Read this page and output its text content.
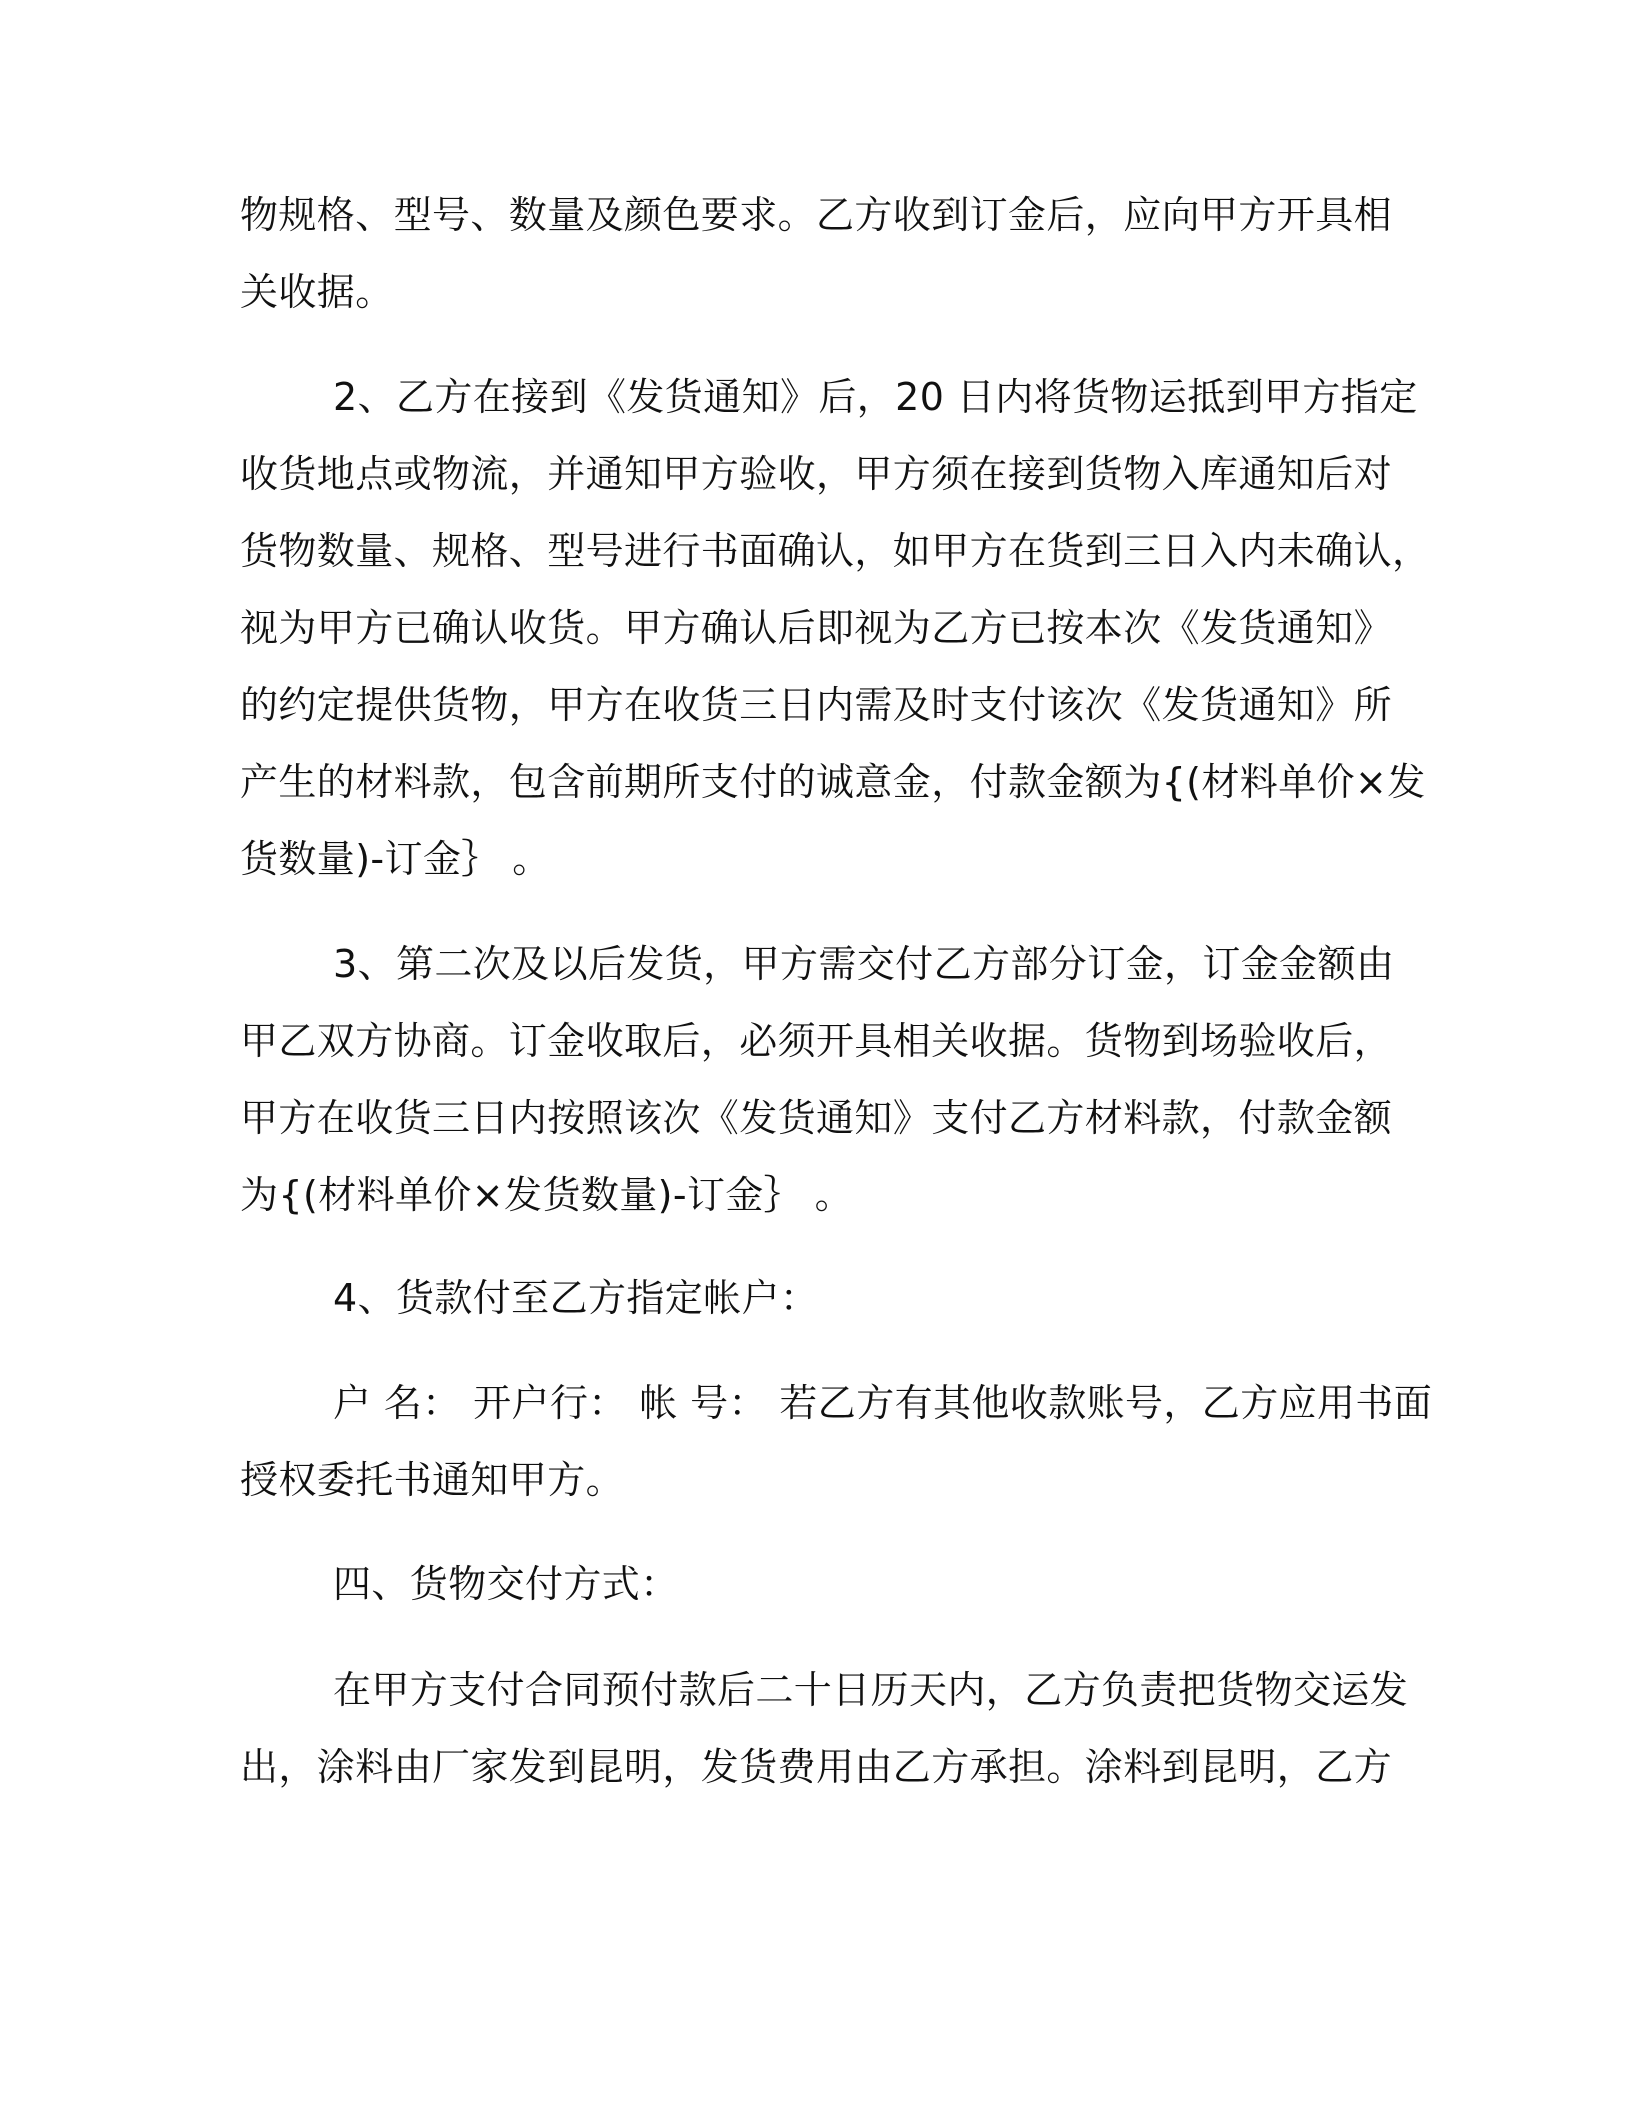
物规格、型号、数量及颜色要求。乙方收到订金后，应向甲方开具相
关收据。
2、乙方在接到《发货通知》后，20 日内将货物运抵到甲方指定
收货地点或物流，并通知甲方验收，甲方须在接到货物入库通知后对
货物数量、规格、型号进行书面确认，如甲方在货到三日入内未确认，
视为甲方已确认收货。甲方确认后即视为乙方已按本次《发货通知》
的约定提供货物，甲方在收货三日内需及时支付该次《发货通知》所
产生的材料款，包含前期所支付的诚意金，付款金额为{(材料单价×发
货数量)-订金｝ 。
3、第二次及以后发货，甲方需交付乙方部分订金，订金金额由
甲乙双方协商。订金收取后，必须开具相关收据。货物到场验收后，
甲方在收货三日内按照该次《发货通知》支付乙方材料款，付款金额
为{(材料单价×发货数量)-订金｝ 。
4、货款付至乙方指定帐户：
户 名： 开户行： 帐 号： 若乙方有其他收款账号，乙方应用书面
授权委托书通知甲方。
四、货物交付方式：
在甲方支付合同预付款后二十日历天内，乙方负责把货物交运发
出，涂料由厂家发到昆明，发货费用由乙方承担。涂料到昆明，乙方
